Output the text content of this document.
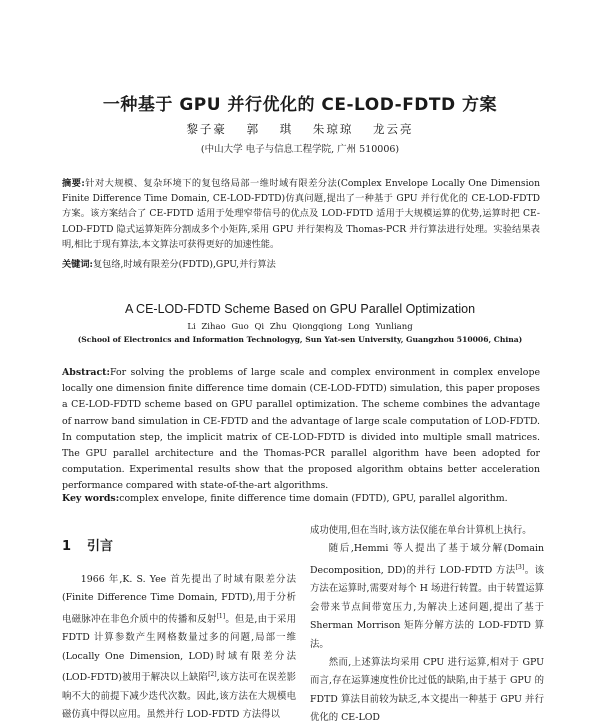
一种基于 GPU 并行优化的 CE-LOD-FDTD 方案
黎子豪 郭 琪 朱琼琼 龙云亮
(中山大学 电子与信息工程学院, 广州 510006)
摘要:针对大规模、复杂环境下的复包络局部一维时域有限差分法(Complex Envelope Locally One Dimension Finite Difference Time Domain, CE-LOD-FDTD)仿真问题,提出了一种基于 GPU 并行优化的 CE-LOD-FDTD 方案。该方案结合了 CE-FDTD 适用于处理窄带信号的优点及 LOD-FDTD 适用于大规模运算的优势,运算时把 CE-LOD-FDTD 隐式运算矩阵分割成多个小矩阵,采用 GPU 并行架构及 Thomas-PCR 并行算法进行处理。实验结果表明,相比于现有算法,本文算法可获得更好的加速性能。
关键词:复包络,时域有限差分(FDTD),GPU,并行算法
A CE-LOD-FDTD Scheme Based on GPU Parallel Optimization
Li Zihao Guo Qi Zhu Qiongqiong Long Yunliang
(School of Electronics and Information Technologyg, Sun Yat-sen University, Guangzhou 510006, China)
Abstract:For solving the problems of large scale and complex environment in complex envelope locally one dimension finite difference time domain (CE-LOD-FDTD) simulation, this paper proposes a CE-LOD-FDTD scheme based on GPU parallel optimization. The scheme combines the advantage of narrow band simulation in CE-FDTD and the advantage of large scale computation of LOD-FDTD. In computation step, the implicit matrix of CE-LOD-FDTD is divided into multiple small matrices. The GPU parallel architecture and the Thomas-PCR parallel algorithm have been adopted for computation. Experimental results show that the proposed algorithm obtains better acceleration performance compared with state-of-the-art algorithms.
Key words:complex envelope, finite difference time domain (FDTD), GPU, parallel algorithm.
1 引言

1966 年,K. S. Yee 首先提出了时域有限差分法(Finite Difference Time Domain, FDTD),用于分析电磁脉冲在非色介质中的传播和反射[1]。但是,由于采用 FDTD 计算参数产生网格数量过多的问题,局部一维(Locally One Dimension, LOD)时域有限差分法(LOD-FDTD)被用于解决以上缺陷[2],该方法可在误差影响不大的前提下减少迭代次数。因此,该方法在大规模电磁仿真中得以应用。虽然并行 LOD-FDTD 方法得以

成功使用,但在当时,该方法仅能在单台计算机上执行。

随后,Hemmi 等人提出了基于域分解(Domain Decomposition, DD)的并行 LOD-FDTD 方法[3]。该方法在运算时,需要对每个 H 场进行转置。由于转置运算会带来节点间带宽压力,为解决上述问题,提出了基于 Sherman Morrison 矩阵分解方法的 LOD-FDTD 算法。

然而,上述算法均采用 CPU 进行运算,相对于 GPU 而言,存在运算速度性价比过低的缺陷,由于基于 GPU 的 FDTD 算法目前较为缺乏,本文提出一种基于 GPU 并行优化的 CE-LOD
